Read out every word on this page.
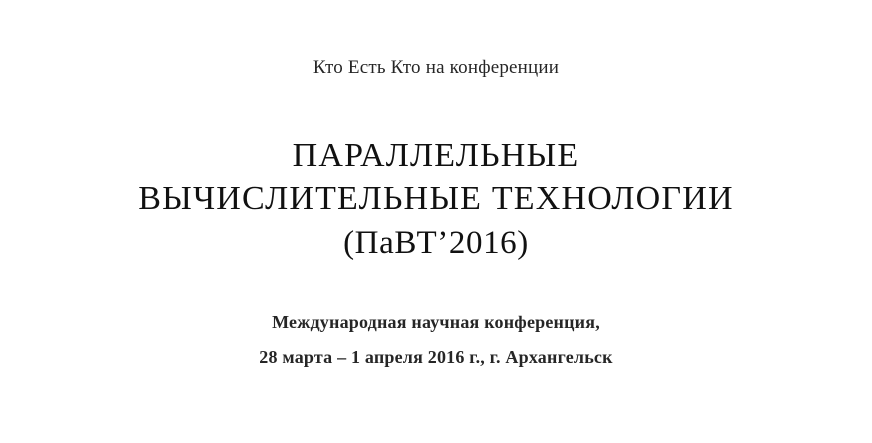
Кто Есть Кто на конференции
ПАРАЛЛЕЛЬНЫЕ
ВЫЧИСЛИТЕЛЬНЫЕ ТЕХНОЛОГИИ
(ПаВТ’2016)
Международная научная конференция,
28 марта – 1 апреля 2016 г., г. Архангельск
